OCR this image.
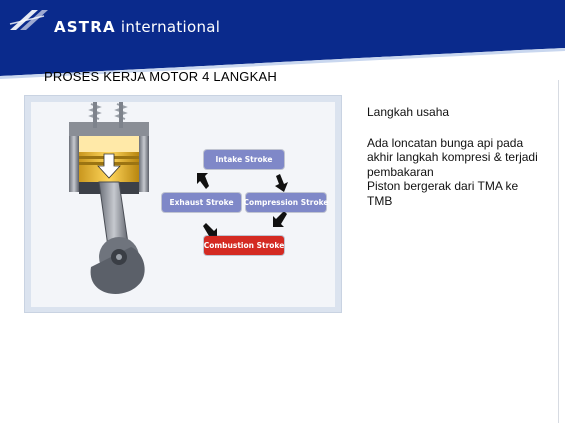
ASTRA international
PROSES KERJA MOTOR 4 LANGKAH
Intake Stroke
Exhaust Stroke	Compression Stroke
Combustion Stroke
Langkah usaha
Ada loncatan bunga api pada
akhir langkah kompresi & terjadi
pembakaran
Piston bergerak dari TMA ke
TMB
